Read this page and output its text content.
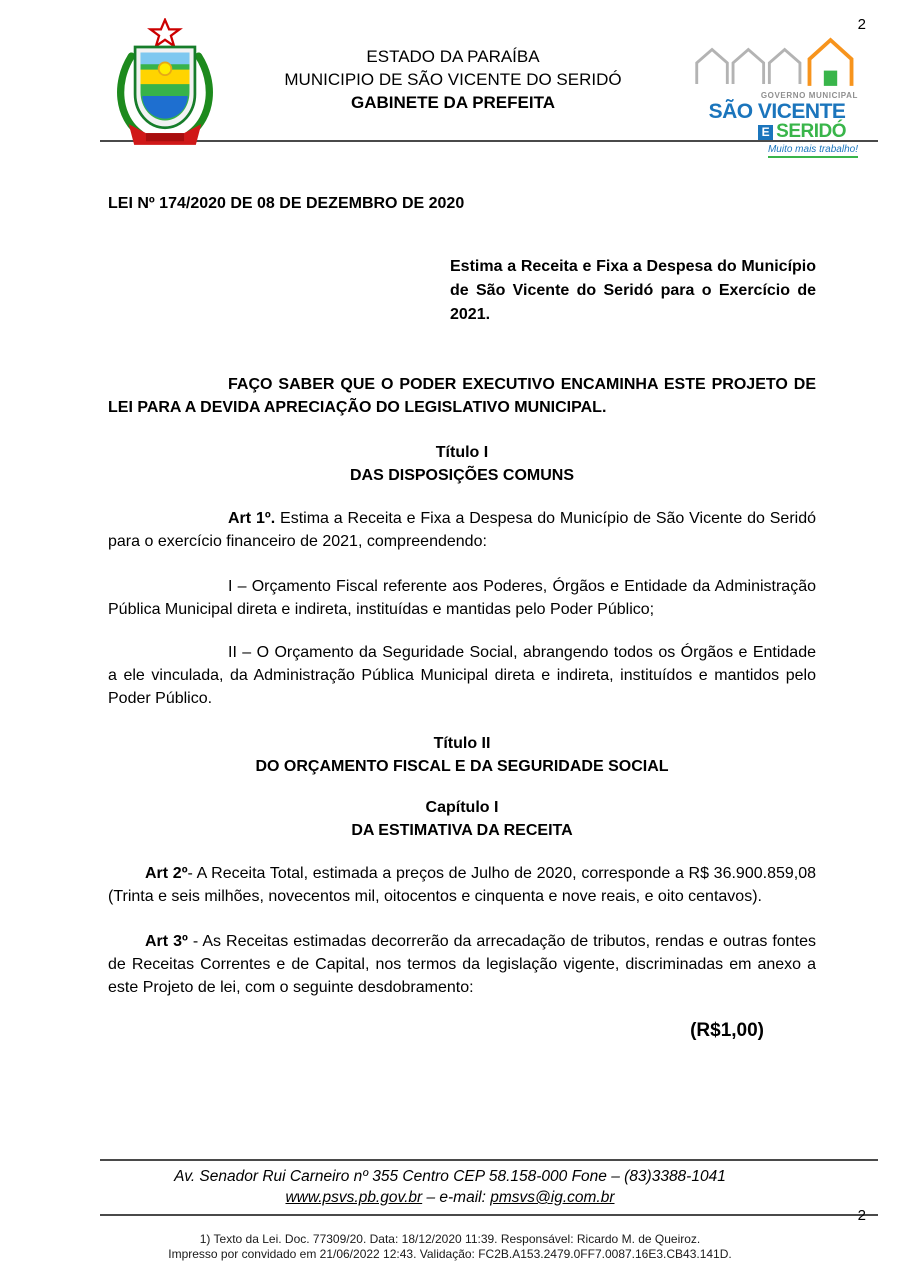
2
ESTADO DA PARAÍBA
MUNICIPIO DE SÃO VICENTE DO SERIDÓ
GABINETE DA PREFEITA	GOVERNO MUNICIPAL
SÃO VICENTE
E SERIDÓ
Muito mais trabalho!

LEI Nº 174/2020 DE 08 DE DEZEMBRO DE 2020

Estima a Receita e Fixa a Despesa do Município de São Vicente do Seridó para o Exercício de 2021.

FAÇO SABER QUE O PODER EXECUTIVO ENCAMINHA ESTE PROJETO DE LEI PARA A DEVIDA APRECIAÇÃO DO LEGISLATIVO MUNICIPAL.

Título I

DAS DISPOSIÇÕES COMUNS

Art 1º. Estima a Receita e Fixa a Despesa do Município de São Vicente do Seridó para o exercício financeiro de 2021, compreendendo:

I – Orçamento Fiscal referente aos Poderes, Órgãos e Entidade da Administração Pública Municipal direta e indireta, instituídas e mantidas pelo Poder Público;

II – O Orçamento da Seguridade Social, abrangendo todos os Órgãos e Entidade a ele vinculada, da Administração Pública Municipal direta e indireta, instituídos e mantidos pelo Poder Público.

Título II

DO ORÇAMENTO FISCAL E DA SEGURIDADE SOCIAL

Capítulo I

DA ESTIMATIVA DA RECEITA

Art 2º- A Receita Total, estimada a preços de Julho de 2020, corresponde a R$ 36.900.859,08 (Trinta e seis milhões, novecentos mil, oitocentos e cinquenta e nove reais, e oito centavos).

Art 3º - As Receitas estimadas decorrerão da arrecadação de tributos, rendas e outras fontes de Receitas Correntes e de Capital, nos termos da legislação vigente, discriminadas em anexo a este Projeto de lei, com o seguinte desdobramento:

(R$1,00)

Av. Senador Rui Carneiro nº 355 Centro CEP 58.158-000 Fone – (83)3388-1041

www.psvs.pb.gov.br – e-mail: pmsvs@ig.com.br

1) Texto da Lei. Doc. 77309/20. Data: 18/12/2020 11:39. Responsável: Ricardo M. de Queiroz.

Impresso por convidado em 21/06/2022 12:43. Validação: FC2B.A153.2479.0FF7.0087.16E3.CB43.141D.

2
